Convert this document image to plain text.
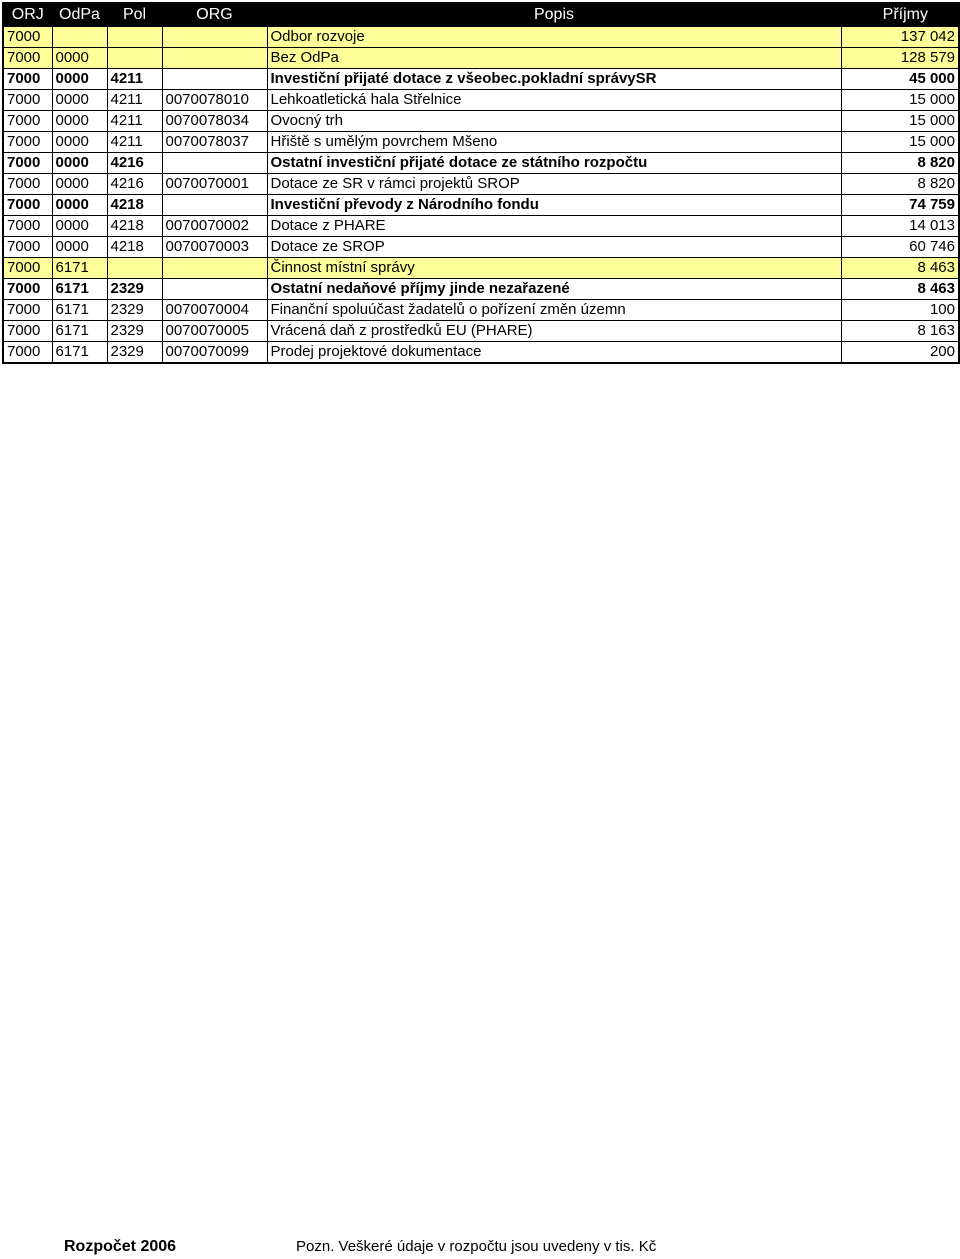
ORJ	OdPa	Pol	ORG	Popis	Příjmy
7000				Odbor rozvoje	137 042
7000	0000			Bez OdPa	128 579
7000	0000	4211		Investiční přijaté dotace z všeobec.pokladní správySR	45 000
7000	0000	4211	0070078010	Lehkoatletická hala Střelnice	15 000
7000	0000	4211	0070078034	Ovocný trh	15 000
7000	0000	4211	0070078037	Hřiště s umělým povrchem Mšeno	15 000
7000	0000	4216		Ostatní investiční přijaté dotace ze státního rozpočtu	8 820
7000	0000	4216	0070070001	Dotace ze SR v rámci projektů SROP	8 820
7000	0000	4218		Investiční převody z Národního fondu	74 759
7000	0000	4218	0070070002	Dotace z PHARE	14 013
7000	0000	4218	0070070003	Dotace ze SROP	60 746
7000	6171			Činnost místní správy	8 463
7000	6171	2329		Ostatní nedaňové příjmy jinde nezařazené	8 463
7000	6171	2329	0070070004	Finanční spoluúčast žadatelů o pořízení změn územn	100
7000	6171	2329	0070070005	Vrácená daň z prostředků EU (PHARE)	8 163
7000	6171	2329	0070070099	Prodej projektové dokumentace	200
Rozpočet 2006	Pozn. Veškeré údaje v rozpočtu jsou uvedeny v tis. Kč
